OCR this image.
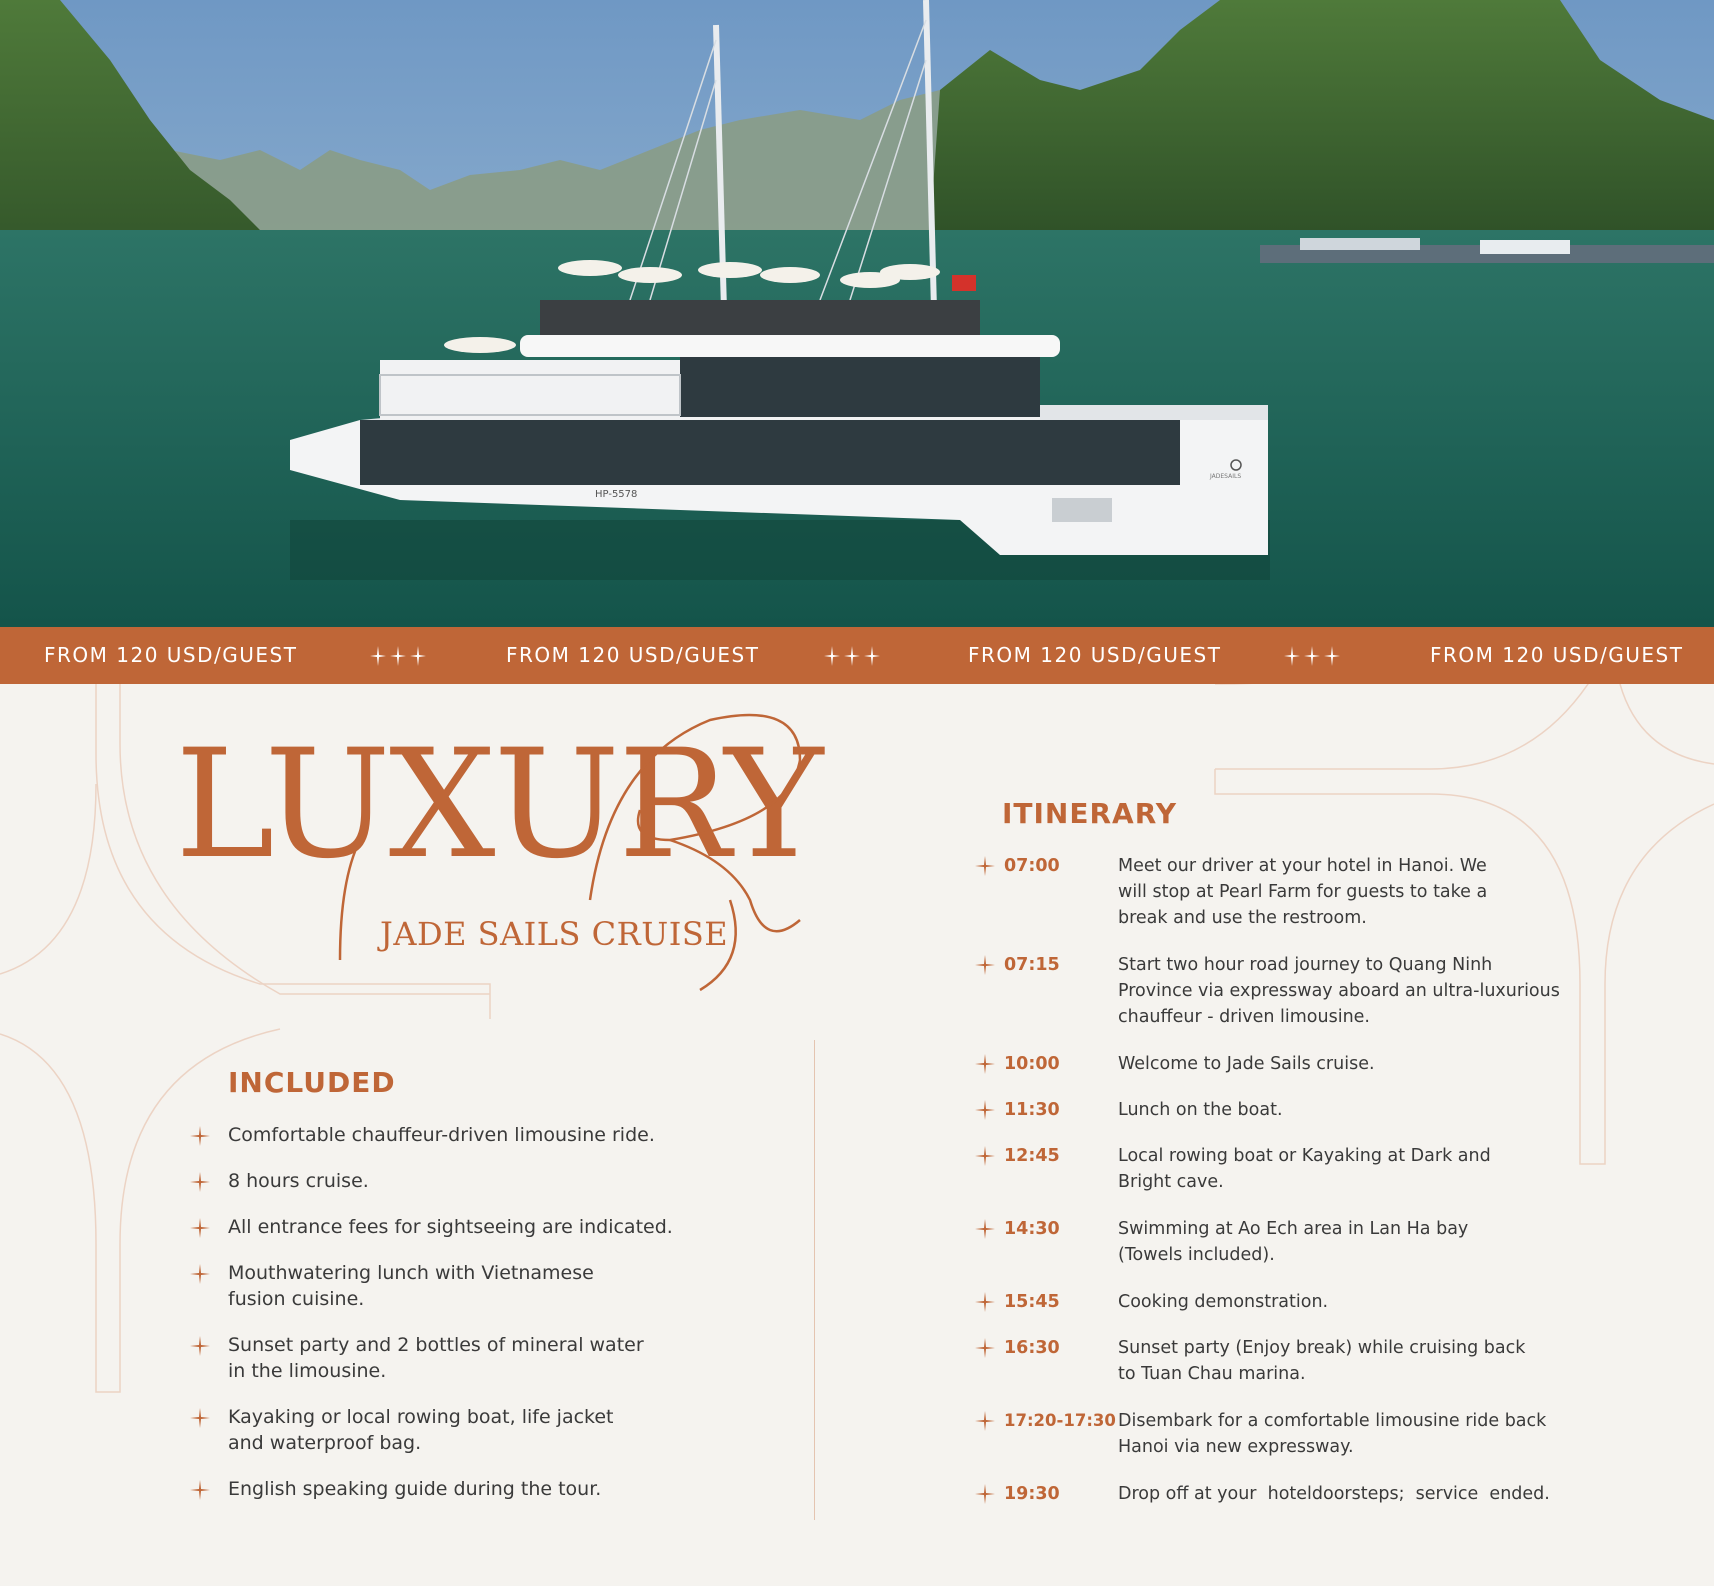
HP-5578
JADESAILS
FROM 120 USD/GUEST	FROM 120 USD/GUEST	FROM 120 USD/GUEST	FROM 120 USD/GUEST
LUXURY
JADE SAILS CRUISE
INCLUDED
Comfortable chauffeur-driven limousine ride.
8 hours cruise.
All entrance fees for sightseeing are indicated.
Mouthwatering lunch with Vietnamese fusion cuisine.
Sunset party and 2 bottles of mineral water in the limousine.
Kayaking or local rowing boat, life jacket and waterproof bag.
English speaking guide during the tour.
ITINERARY
07:00	Meet our driver at your hotel in Hanoi. We will stop at Pearl Farm for guests to take a break and use the restroom.
07:15	Start two hour road journey to Quang Ninh Province via expressway aboard an ultra-luxurious chauffeur - driven limousine.
10:00	Welcome to Jade Sails cruise.
11:30	Lunch on the boat.
12:45	Local rowing boat or Kayaking at Dark and Bright cave.
14:30	Swimming at Ao Ech area in Lan Ha bay (Towels included).
15:45	Cooking demonstration.
16:30	Sunset party (Enjoy break) while cruising back to Tuan Chau marina.
17:20-17:30 Disembark for a comfortable limousine ride back Hanoi via new expressway.
19:30	Drop off at your  hoteldoorsteps;  service  ended.
